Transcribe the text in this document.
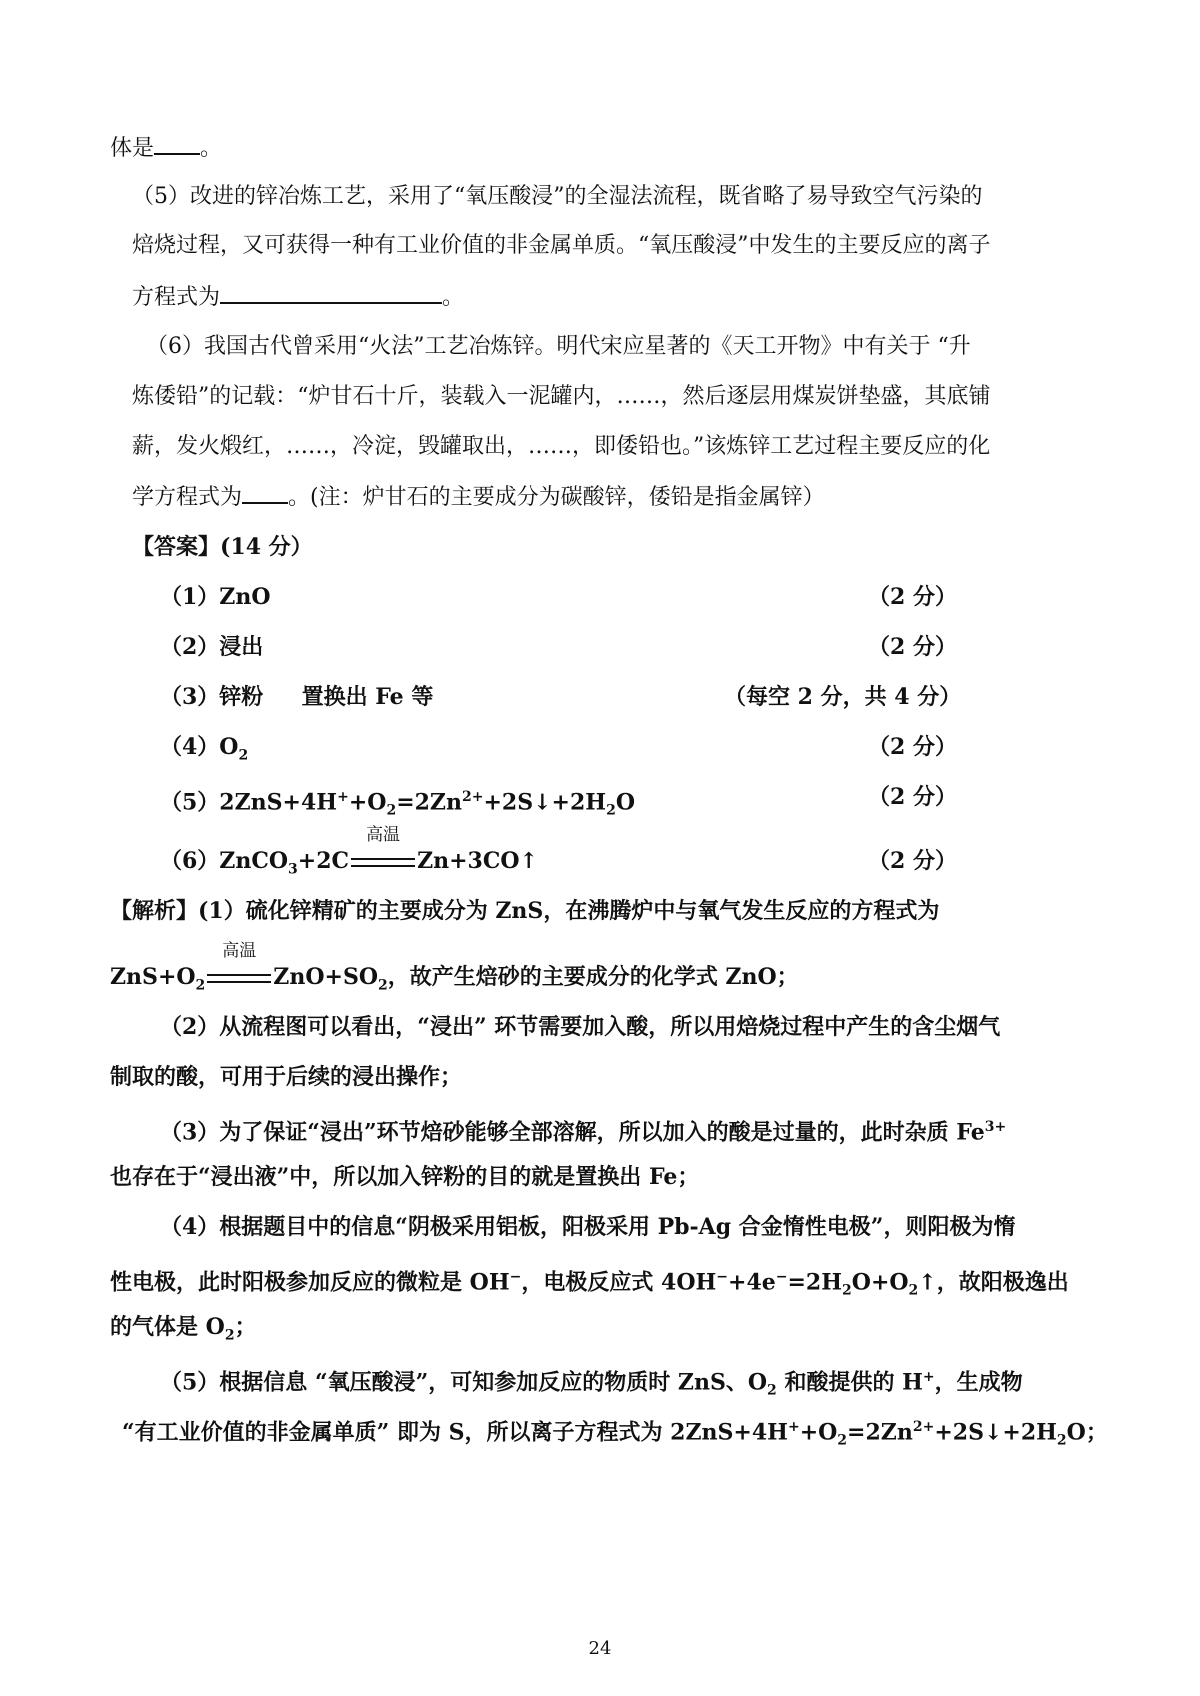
体是 。
（5）改进的锌冶炼工艺，采用了“氧压酸浸”的全湿法流程，既省略了易导致空气污染的
焙烧过程，又可获得一种有工业价值的非金属单质。“氧压酸浸”中发生的主要反应的离子
方程式为	。
（6）我国古代曾采用“火法”工艺冶炼锌。明代宋应星著的《天工开物》中有关于 “升
炼倭铅”的记载：“炉甘石十斤，装载入一泥罐内，……，然后逐层用煤炭饼垫盛，其底铺
薪，发火煅红，……，冷淀，毁罐取出，……，即倭铅也。”该炼锌工艺过程主要反应的化
学方程式为 。(注：炉甘石的主要成分为碳酸锌，倭铅是指金属锌）
【答案】(14 分）
（1）ZnO	（2 分）
（2）浸出	（2 分）
（3）锌粉     置换出 Fe 等	（每空 2 分，共 4 分）
$(4)O_2$	（2 分）
$(5)2ZnS+4H^++O_2=2Zn^{2+}+2S↓+2H_2O$	（2 分）
（6）ZnCO$_3$+2C
高温
Zn+3CO↑	（2 分）
【解析】(1）硫化锌精矿的主要成分为 ZnS，在沸腾炉中与氧气发生反应的方程式为
$ZnS+O_2$
高温
$ZnO+SO_2$，故产生焙砂的主要成分的化学式 ZnO；
（2）从流程图可以看出，“浸出” 环节需要加入酸，所以用焙烧过程中产生的含尘烟气
制取的酸，可用于后续的浸出操作；
（3）为了保证“浸出”环节焙砂能够全部溶解，所以加入的酸是过量的，此时杂质 $Fe^{3+}$
也存在于“浸出液”中，所以加入锌粉的目的就是置换出 Fe；
（4）根据题目中的信息“阴极采用铝板，阳极采用 Pb-Ag 合金惰性电极”，则阳极为惰
性电极，此时阳极参加反应的微粒是 OH−，电极反应式 $4OH^-+4e^-=2H_2O+O_2↑$，故阳极逸出
的气体是 $O_2$；
（5）根据信息 “氧压酸浸”，可知参加反应的物质时 ZnS、$O_2$ 和酸提供的 H+，生成物
“有工业价值的非金属单质” 即为 S，所以离子方程式为 $2ZnS+4H^++O_2=2Zn^{2+}+2S↓+2H_2O$；
24
